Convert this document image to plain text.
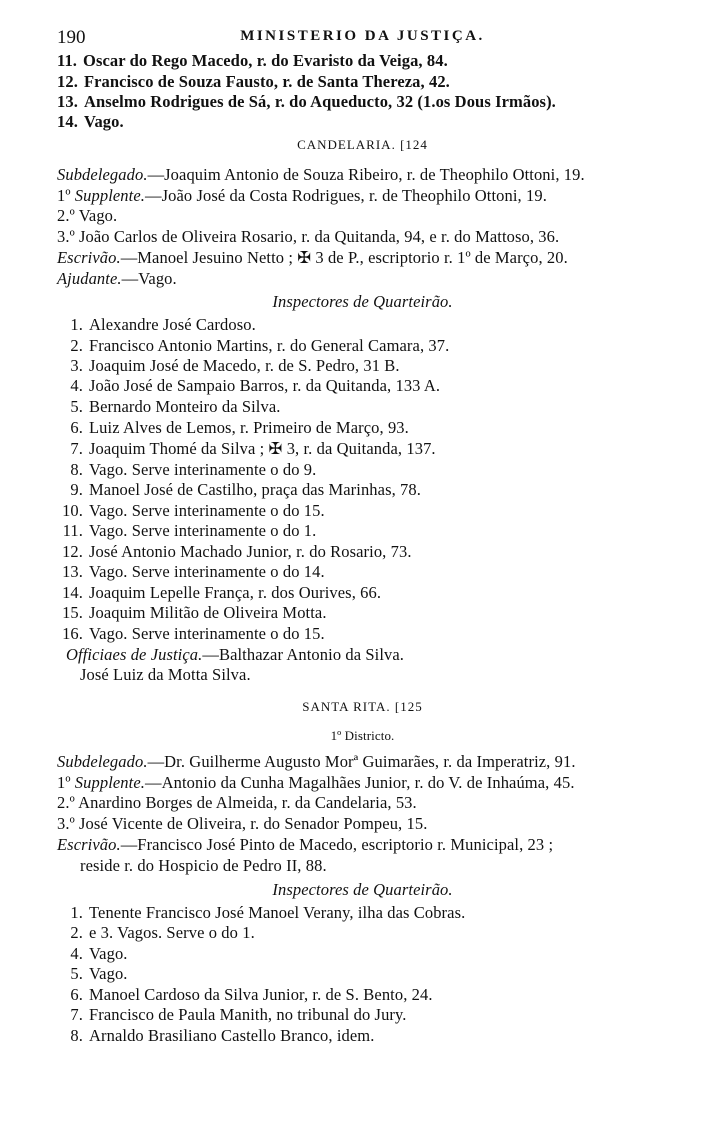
190	MINISTERIO DA JUSTIÇA.
11. Oscar do Rego Macedo, r. do Evaristo da Veiga, 84.
12. Francisco de Souza Fausto, r. de Santa Thereza, 42.
13. Anselmo Rodrigues de Sá, r. do Aqueducto, 32 (1.os Dous Irmãos).
14. Vago.
CANDELARIA. [124
Subdelegado.—Joaquim Antonio de Souza Ribeiro, r. de Theophilo Ottoni, 19.
1º Supplente.—João José da Costa Rodrigues, r. de Theophilo Ottoni, 19.
2.º Vago.
3.º João Carlos de Oliveira Rosario, r. da Quitanda, 94, e r. do Mattoso, 36.
Escrivão.—Manoel Jesuino Netto ; ✠ 3 de P., escriptorio r. 1º de Março, 20.
Ajudante.—Vago.
Inspectores de Quarteirão.
1. Alexandre José Cardoso.
2. Francisco Antonio Martins, r. do General Camara, 37.
3. Joaquim José de Macedo, r. de S. Pedro, 31 B.
4. João José de Sampaio Barros, r. da Quitanda, 133 A.
5. Bernardo Monteiro da Silva.
6. Luiz Alves de Lemos, r. Primeiro de Março, 93.
7. Joaquim Thomé da Silva ; ✠ 3, r. da Quitanda, 137.
8. Vago. Serve interinamente o do 9.
9. Manoel José de Castilho, praça das Marinhas, 78.
10. Vago. Serve interinamente o do 15.
11. Vago. Serve interinamente o do 1.
12. José Antonio Machado Junior, r. do Rosario, 73.
13. Vago. Serve interinamente o do 14.
14. Joaquim Lepelle França, r. dos Ourives, 66.
15. Joaquim Militão de Oliveira Motta.
16. Vago. Serve interinamente o do 15.
Officiaes de Justiça.—Balthazar Antonio da Silva.
José Luiz da Motta Silva.
SANTA RITA. [125
1º Districto.
Subdelegado.—Dr. Guilherme Augusto Morª Guimarães, r. da Imperatriz, 91.
1º Supplente.—Antonio da Cunha Magalhães Junior, r. do V. de Inhaúma, 45.
2.º Anardino Borges de Almeida, r. da Candelaria, 53.
3.º José Vicente de Oliveira, r. do Senador Pompeu, 15.
Escrivão.—Francisco José Pinto de Macedo, escriptorio r. Municipal, 23 ;
reside r. do Hospicio de Pedro II, 88.
Inspectores de Quarteirão.
1. Tenente Francisco José Manoel Verany, ilha das Cobras.
2. e 3. Vagos. Serve o do 1.
4. Vago.
5. Vago.
6. Manoel Cardoso da Silva Junior, r. de S. Bento, 24.
7. Francisco de Paula Manith, no tribunal do Jury.
8. Arnaldo Brasiliano Castello Branco, idem.
